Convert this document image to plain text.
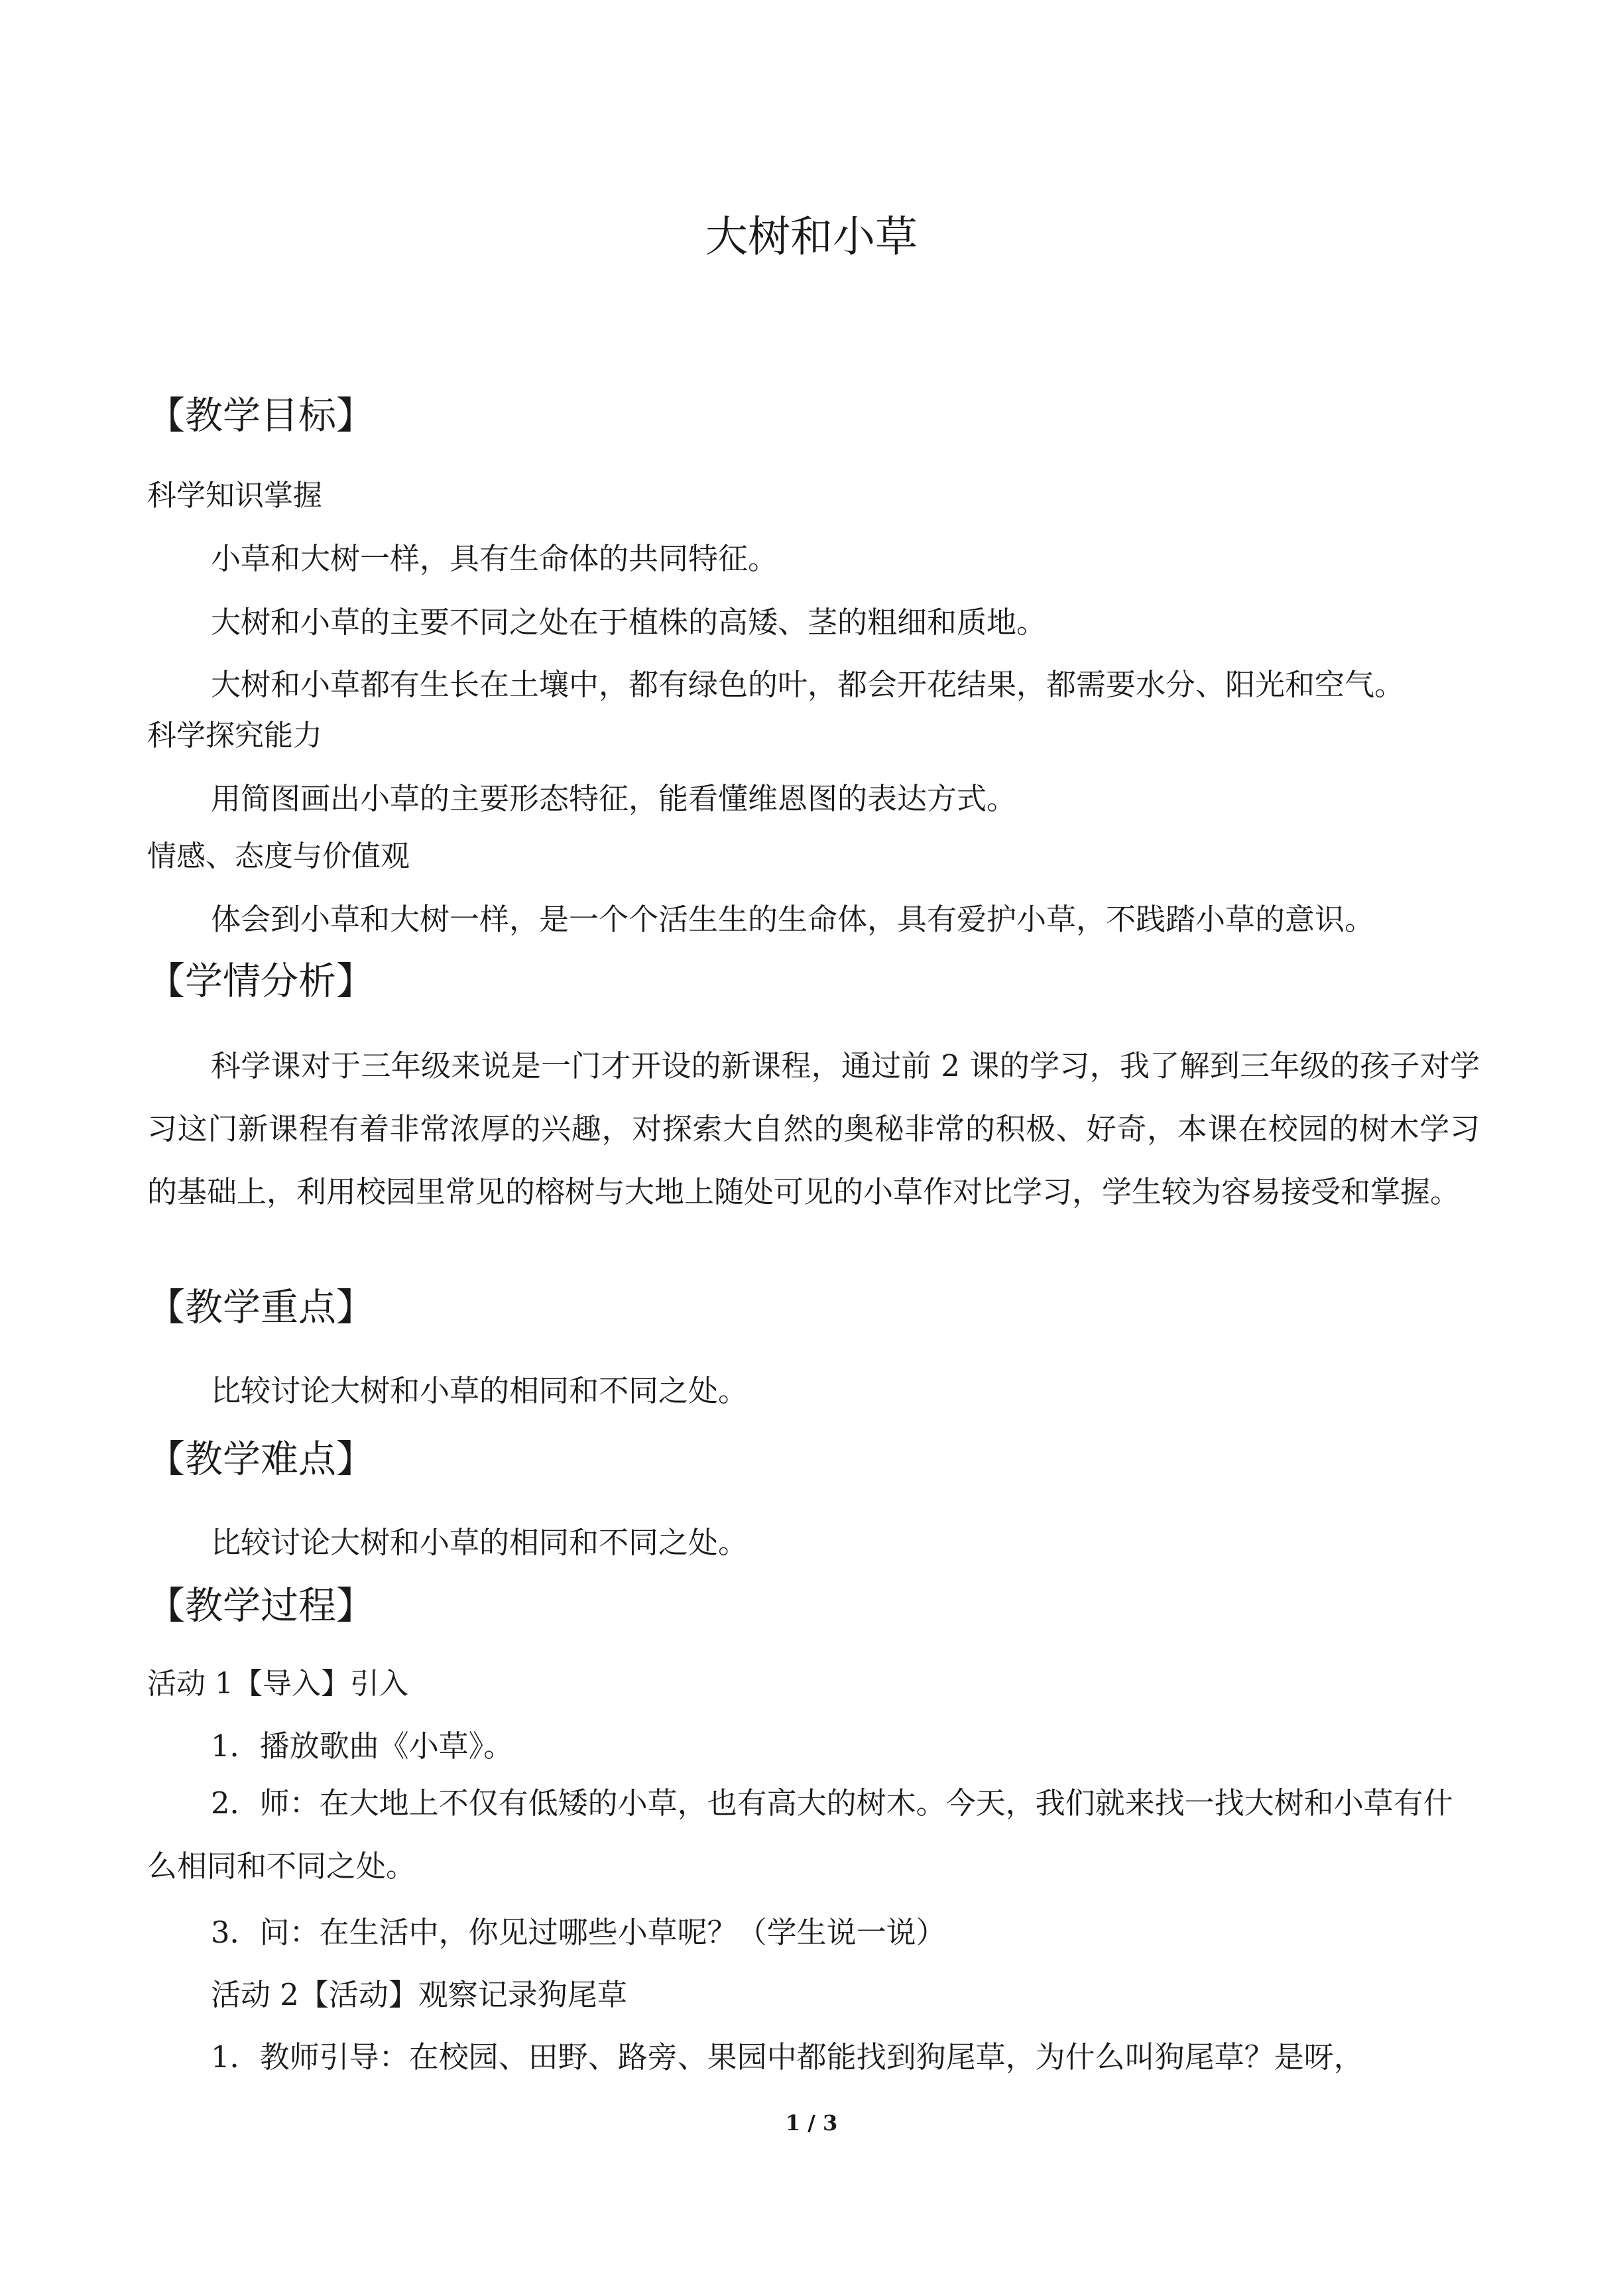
大树和小草
【教学目标】
科学知识掌握
小草和大树一样，具有生命体的共同特征。
大树和小草的主要不同之处在于植株的高矮、茎的粗细和质地。
大树和小草都有生长在土壤中，都有绿色的叶，都会开花结果，都需要水分、阳光和空气。
科学探究能力
用简图画出小草的主要形态特征，能看懂维恩图的表达方式。
情感、态度与价值观
体会到小草和大树一样，是一个个活生生的生命体，具有爱护小草，不践踏小草的意识。
【学情分析】

科学课对于三年级来说是一门才开设的新课程，通过前 2 课的学习，我了解到三年级的孩子对学习这门新课程有着非常浓厚的兴趣，对探索大自然的奥秘非常的积极、好奇，本课在校园的树木学习的基础上，利用校园里常见的榕树与大地上随处可见的小草作对比学习，学生较为容易接受和掌握。

【教学重点】
比较讨论大树和小草的相同和不同之处。
【教学难点】
比较讨论大树和小草的相同和不同之处。
【教学过程】
活动 1【导入】引入
1．播放歌曲《小草》。

2．师：在大地上不仅有低矮的小草，也有高大的树木。今天，我们就来找一找大树和小草有什么相同和不同之处。

3．问：在生活中，你见过哪些小草呢？（学生说一说）
活动 2【活动】观察记录狗尾草
1．教师引导：在校园、田野、路旁、果园中都能找到狗尾草，为什么叫狗尾草？是呀，
1 / 3
